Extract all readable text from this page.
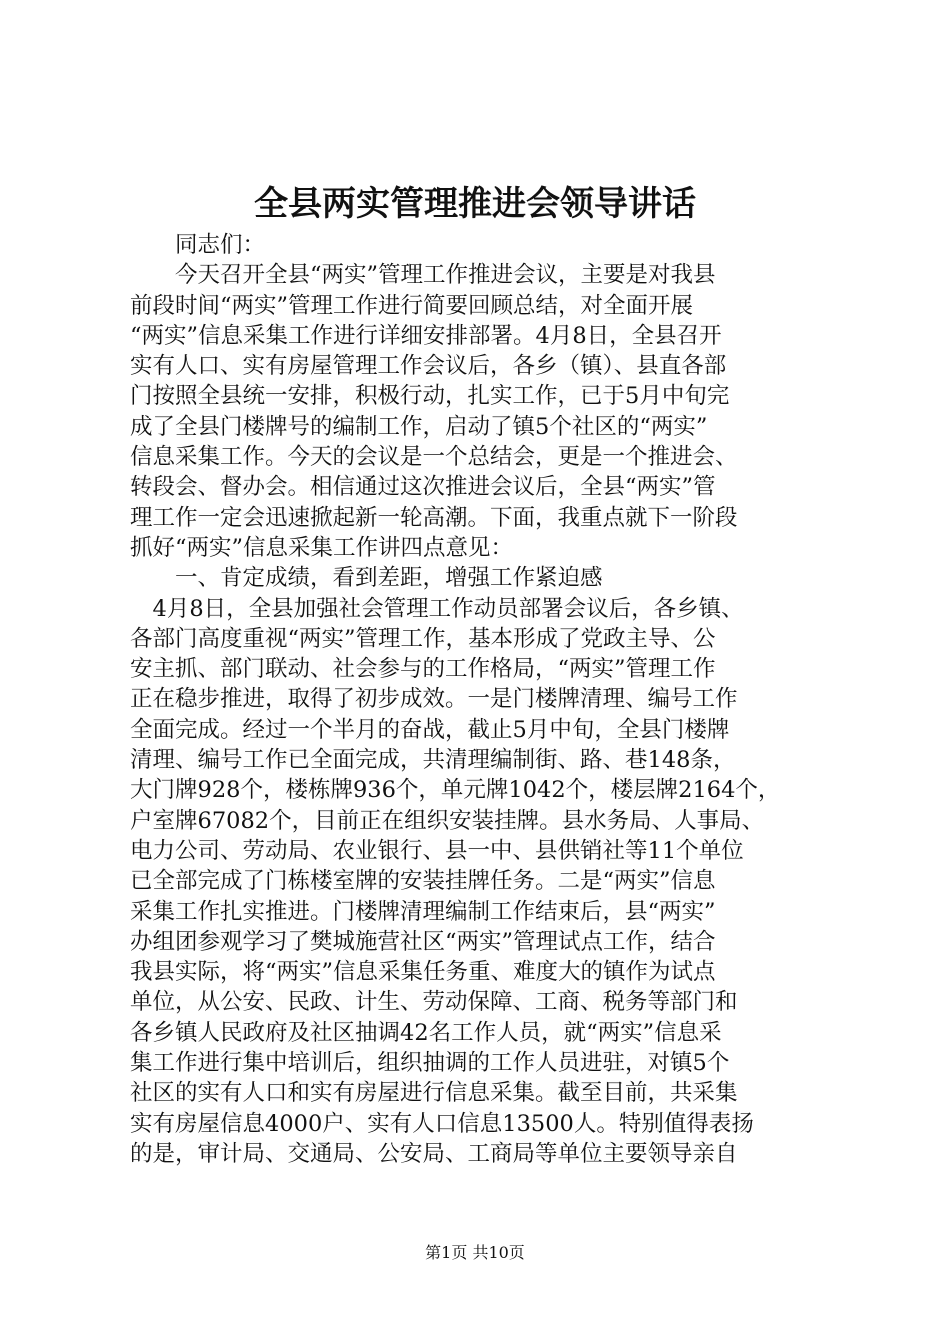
全县两实管理推进会领导讲话
　　同志们：
　　今天召开全县“两实”管理工作推进会议，主要是对我县
前段时间“两实”管理工作进行简要回顾总结，对全面开展
“两实”信息采集工作进行详细安排部署。4月8日，全县召开
实有人口、实有房屋管理工作会议后，各乡（镇）、县直各部
门按照全县统一安排，积极行动，扎实工作，已于5月中旬完
成了全县门楼牌号的编制工作，启动了镇5个社区的“两实”
信息采集工作。今天的会议是一个总结会，更是一个推进会、
转段会、督办会。相信通过这次推进会议后，全县“两实”管
理工作一定会迅速掀起新一轮高潮。下面，我重点就下一阶段
抓好“两实”信息采集工作讲四点意见：
　　一、肯定成绩，看到差距，增强工作紧迫感
　4月8日，全县加强社会管理工作动员部署会议后，各乡镇、
各部门高度重视“两实”管理工作，基本形成了党政主导、公
安主抓、部门联动、社会参与的工作格局，“两实”管理工作
正在稳步推进，取得了初步成效。一是门楼牌清理、编号工作
全面完成。经过一个半月的奋战，截止5月中旬，全县门楼牌
清理、编号工作已全面完成，共清理编制街、路、巷148条，
大门牌928个，楼栋牌936个，单元牌1042个，楼层牌2164个，
户室牌67082个，目前正在组织安装挂牌。县水务局、人事局、
电力公司、劳动局、农业银行、县一中、县供销社等11个单位
已全部完成了门栋楼室牌的安装挂牌任务。二是“两实”信息
采集工作扎实推进。门楼牌清理编制工作结束后，县“两实”
办组团参观学习了樊城施营社区“两实”管理试点工作，结合
我县实际，将“两实”信息采集任务重、难度大的镇作为试点
单位，从公安、民政、计生、劳动保障、工商、税务等部门和
各乡镇人民政府及社区抽调42名工作人员，就“两实”信息采
集工作进行集中培训后，组织抽调的工作人员进驻，对镇5个
社区的实有人口和实有房屋进行信息采集。截至目前，共采集
实有房屋信息4000户、实有人口信息13500人。特别值得表扬
的是，审计局、交通局、公安局、工商局等单位主要领导亲自
第1页 共10页
